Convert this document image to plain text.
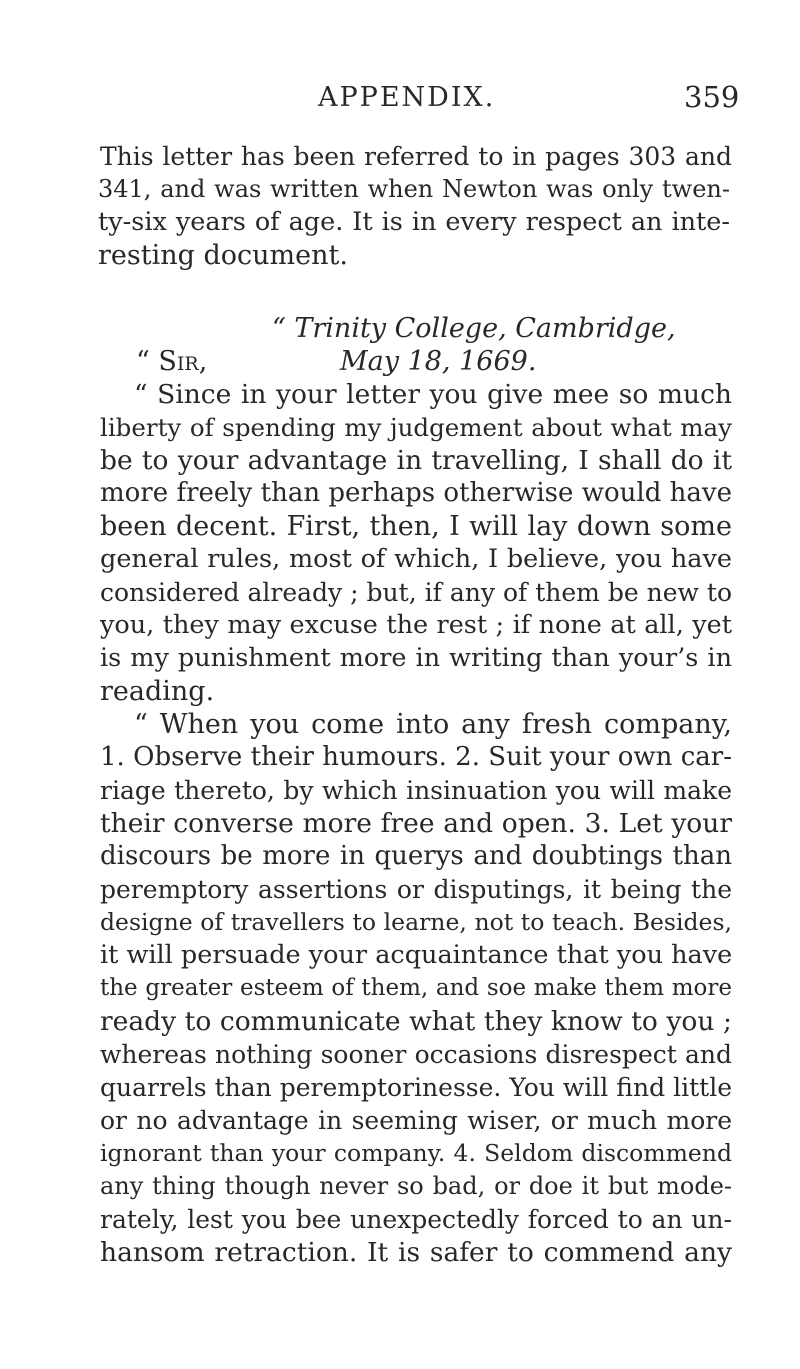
APPENDIX.	359
This letter has been referred to in pages 303 and
341, and was written when Newton was only twen-
ty-six years of age. It is in every respect an inte-
resting document.
“ Trinity College, Cambridge,
“ Sir,	May 18, 1669.
“ Since in your letter you give mee so much
liberty of spending my judgement about what may
be to your advantage in travelling, I shall do it
more freely than perhaps otherwise would have
been decent. First, then, I will lay down some
general rules, most of which, I believe, you have
considered already ; but, if any of them be new to
you, they may excuse the rest ; if none at all, yet
is my punishment more in writing than your’s in
reading.
“ When you come into any fresh company,
1. Observe their humours. 2. Suit your own car-
riage thereto, by which insinuation you will make
their converse more free and open. 3. Let your
discours be more in querys and doubtings than
peremptory assertions or disputings, it being the
designe of travellers to learne, not to teach. Besides,
it will persuade your acquaintance that you have
the greater esteem of them, and soe make them more
ready to communicate what they know to you ;
whereas nothing sooner occasions disrespect and
quarrels than peremptorinesse. You will find little
or no advantage in seeming wiser, or much more
ignorant than your company. 4. Seldom discommend
any thing though never so bad, or doe it but mode-
rately, lest you bee unexpectedly forced to an un-
hansom retraction. It is safer to commend any
